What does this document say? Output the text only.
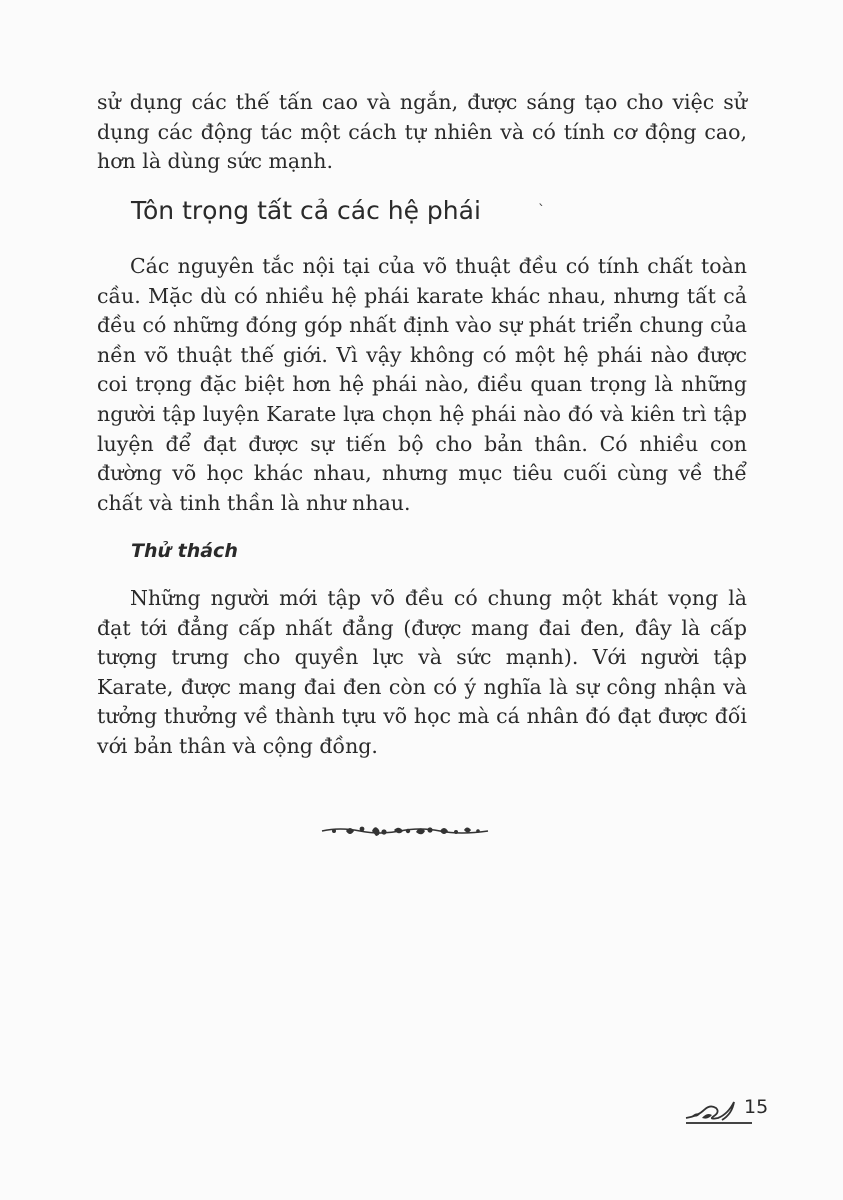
sử dụng các thế tấn cao và ngắn, được sáng tạo cho việc sử dụng các động tác một cách tự nhiên và có tính cơ động cao, hơn là dùng sức mạnh.

Tôn trọng tất cả các hệ phái	`

Các nguyên tắc nội tại của võ thuật đều có tính chất toàn cầu. Mặc dù có nhiều hệ phái karate khác nhau, nhưng tất cả đều có những đóng góp nhất định vào sự phát triển chung của nền võ thuật thế giới. Vì vậy không có một hệ phái nào được coi trọng đặc biệt hơn hệ phái nào, điều quan trọng là những người tập luyện Karate lựa chọn hệ phái nào đó và kiên trì tập luyện để đạt được sự tiến bộ cho bản thân. Có nhiều con đường võ học khác nhau, nhưng mục tiêu cuối cùng về thể chất và tinh thần là như nhau.

Thử thách

Những người mới tập võ đều có chung một khát vọng là đạt tới đẳng cấp nhất đẳng (được mang đai đen, đây là cấp tượng trưng cho quyền lực và sức mạnh). Với người tập Karate, được mang đai đen còn có ý nghĩa là sự công nhận và tưởng thưởng về thành tựu võ học mà cá nhân đó đạt được đối với bản thân và cộng đồng.

15
